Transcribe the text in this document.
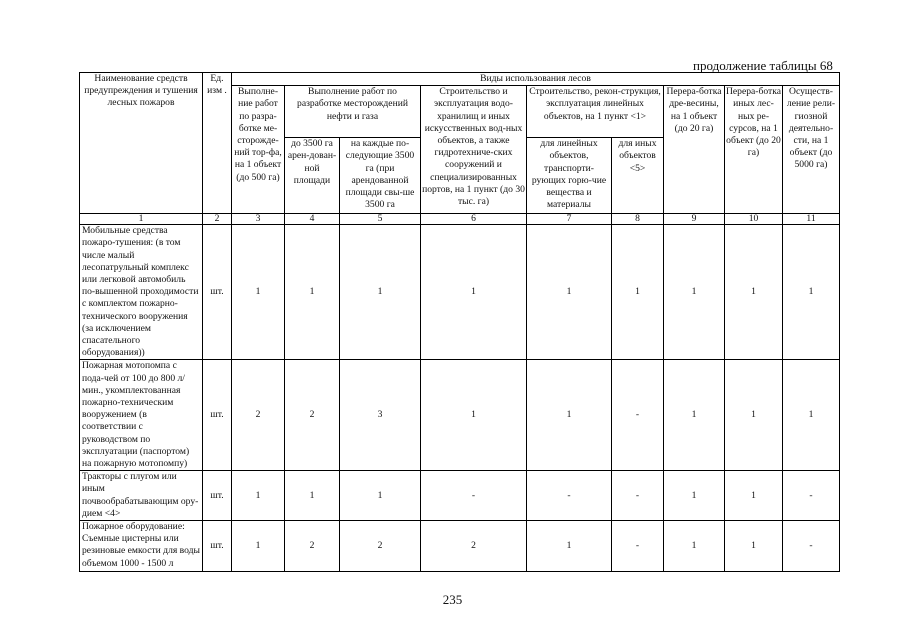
продолжение таблицы 68
Наименование средств предупреждения и тушения лесных пожаров	Ед. изм .	Виды использования лесов								
		Выполне-ние работ по разра-ботке ме-сторожде-ний тор-фа, на 1 объект (до 500 га)	Выполнение работ по разработке месторождений нефти и газа		Строительство и эксплуатация водо-хранилищ и иных искусственных вод-ных объектов, а также гидротехниче-ских сооружений и специализированных портов, на 1 пункт (до 30 тыс. га)	Строительство, рекон-струкция, эксплуатация линейных объектов, на 1 пункт <1>		Перера-ботка дре-весины, на 1 объект (до 20 га)	Перера-ботка иных лес-ных ре-сурсов, на 1 объект (до 20 га)	Осуществ-ление рели-гиозной деятельно-сти, на 1 объект (до 5000 га)
			до 3500 га арен-дован-ной площади	на каждые по-следующие 3500 га (при арендованной площади свы-ше 3500 га		для линейных объектов, транспорти-рующих горю-чие вещества и материалы	для иных объектов <5>			
1	2	3	4	5	6	7	8	9	10	11
Мобильные средства пожаро-тушения: (в том числе малый лесопатрульный комплекс или легковой автомобиль по-вышенной проходимости с комплектом пожарно-технического вооружения (за исключением спасательного оборудования))	шт.	1	1	1	1	1	1	1	1	1
Пожарная мотопомпа с пода-чей от 100 до 800 л/мин., укомплектованная пожарно-техническим вооружением (в соответствии с руководством по эксплуатации (паспортом) на пожарную мотопомпу)	шт.	2	2	3	1	1	-	1	1	1
Тракторы с плугом или иным почвообрабатывающим ору-дием <4>	шт.	1	1	1	-	-	-	1	1	-
Пожарное оборудование: Съемные цистерны или резиновые емкости для воды объемом 1000 - 1500 л	шт.	1	2	2	2	1	-	1	1	-
235
